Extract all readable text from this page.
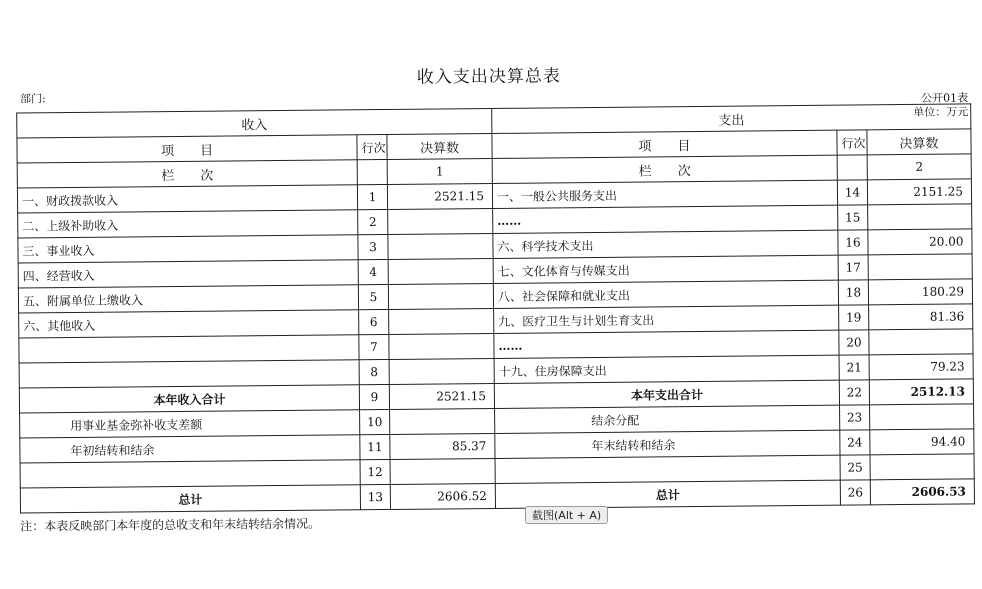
收入支出决算总表
部门:	公开01表
单位：万元
收入			支出		
项　　目	行次	决算数	项　　目	行次	决算数
栏　　次		1	栏　　次		2
一、财政拨款收入	1	2521.15	一、一般公共服务支出	14	2151.25
二、上级补助收入	2		……	15	
三、事业收入	3		六、科学技术支出	16	20.00
四、经营收入	4		七、文化体育与传媒支出	17	
五、附属单位上缴收入	5		八、社会保障和就业支出	18	180.29
六、其他收入	6		九、医疗卫生与计划生育支出	19	81.36
	7		……	20	
	8		十九、住房保障支出	21	79.23
本年收入合计	9	2521.15	本年支出合计	22	2512.13
用事业基金弥补收支差额	10		结余分配	23	
年初结转和结余	11	85.37	年末结转和结余	24	94.40
	12			25	
总计	13	2606.52	总计	26	2606.53
注：本表反映部门本年度的总收支和年末结转结余情况。
截图(Alt + A)
